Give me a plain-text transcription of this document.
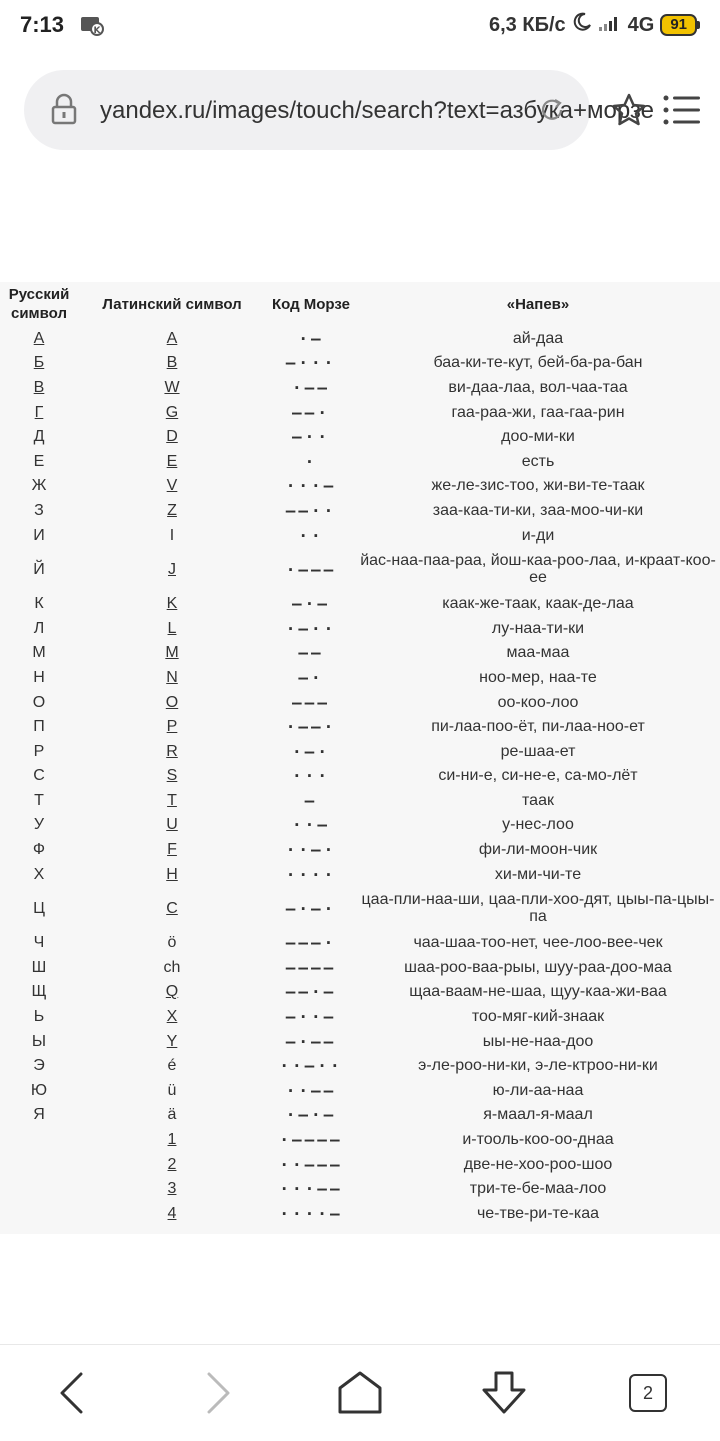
7:13	K	6,3 КБ/с	4G	91
yandex.ru/images/touch/search?text=азбука+морзе
Русский символ	Латинский символ	Код Морзе	«Напев»
А	A	·–	ай-даа
Б	B	–···	баа-ки-те-кут, бей-ба-ра-бан
В	W	·––	ви-даа-лаа, вол-чаа-таа
Г	G	––·	гаа-раа-жи, гаа-гаа-рин
Д	D	–··	доо-ми-ки
Е	E	·	есть
Ж	V	···–	же-ле-зис-тоо, жи-ви-те-таак
З	Z	––··	заа-каа-ти-ки, заа-моо-чи-ки
И	I	··	и-ди
Й	J	·–––	йас-наа-паа-раа, йош-каа-роо-лаа, и-краат-коо-ее
К	K	–·–	каак-же-таак, каак-де-лаа
Л	L	·–··	лу-наа-ти-ки
М	M	––	маа-маа
Н	N	–·	ноо-мер, наа-те
О	O	–––	оо-коо-лоо
П	P	·––·	пи-лаа-поо-ёт, пи-лаа-ноо-ет
Р	R	·–·	ре-шаа-ет
С	S	···	си-ни-е, си-не-е, са-мо-лёт
Т	T	–	таак
У	U	··–	у-нес-лоо
Ф	F	··–·	фи-ли-моон-чик
Х	H	····	хи-ми-чи-те
Ц	C	–·–·	цаа-пли-наа-ши, цаа-пли-хоо-дят, цыы-па-цыы-па
Ч	ö	–––·	чаа-шаа-тоо-нет, чее-лоо-вее-чек
Ш	ch	––––	шаа-роо-ваа-рыы, шуу-раа-доо-маа
Щ	Q	––·–	щаа-ваам-не-шаа, щуу-каа-жи-ваа
Ь	X	–··–	тоо-мяг-кий-знаак
Ы	Y	–·––	ыы-не-наа-доо
Э	é	··–··	э-ле-роо-ни-ки, э-ле-ктроо-ни-ки
Ю	ü	··––	ю-ли-аа-наа
Я	ä	·–·–	я-маал-я-маал
	1	·––––	и-тооль-коо-оо-днаа
	2	··–––	две-не-хоо-роо-шоо
	3	···––	три-те-бе-маа-лоо
	4	····–	че-тве-ри-те-каа
2
